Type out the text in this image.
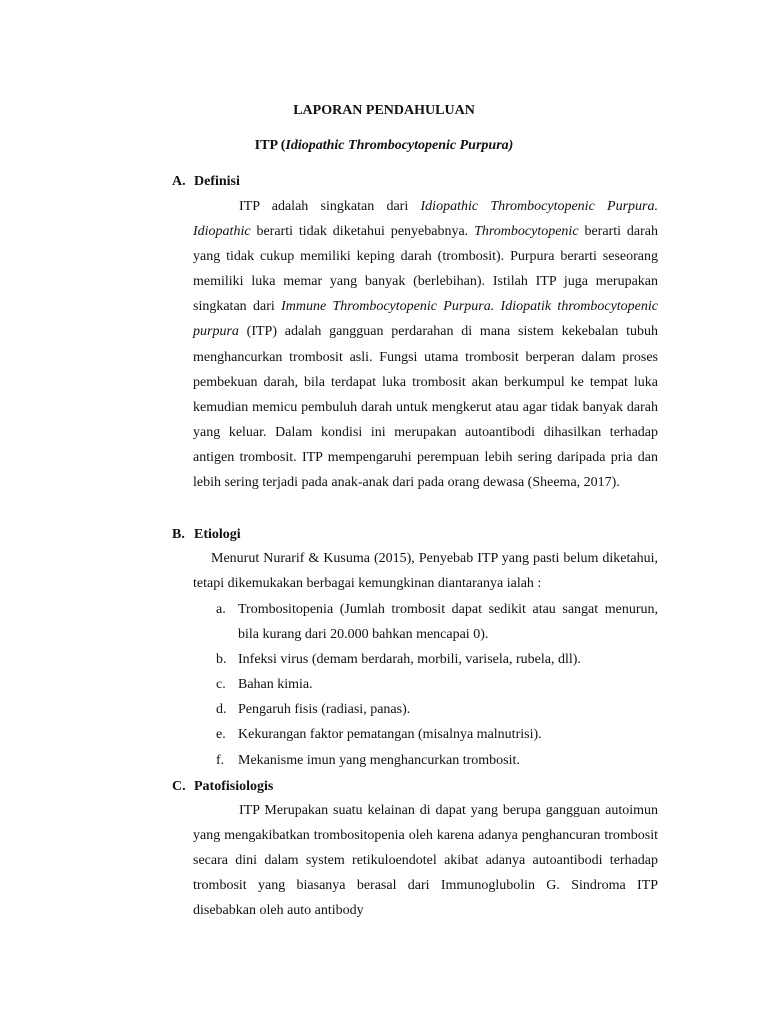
LAPORAN PENDAHULUAN
ITP (Idiopathic Thrombocytopenic Purpura)
A. Definisi

ITP adalah singkatan dari Idiopathic Thrombocytopenic Purpura. Idiopathic berarti tidak diketahui penyebabnya. Thrombocytopenic berarti darah yang tidak cukup memiliki keping darah (trombosit). Purpura berarti seseorang memiliki luka memar yang banyak (berlebihan). Istilah ITP juga merupakan singkatan dari Immune Thrombocytopenic Purpura. Idiopatik thrombocytopenic purpura (ITP) adalah gangguan perdarahan di mana sistem kekebalan tubuh menghancurkan trombosit asli. Fungsi utama trombosit berperan dalam proses pembekuan darah, bila terdapat luka trombosit akan berkumpul ke tempat luka kemudian memicu pembuluh darah untuk mengkerut atau agar tidak banyak darah yang keluar. Dalam kondisi ini merupakan autoantibodi dihasilkan terhadap antigen trombosit. ITP mempengaruhi perempuan lebih sering daripada pria dan lebih sering terjadi pada anak-anak dari pada orang dewasa (Sheema, 2017).

B. Etiologi

Menurut Nurarif & Kusuma (2015), Penyebab ITP yang pasti belum diketahui, tetapi dikemukakan berbagai kemungkinan diantaranya ialah :

a. Trombositopenia (Jumlah trombosit dapat sedikit atau sangat menurun, bila kurang dari 20.000 bahkan mencapai 0).
b. Infeksi virus (demam berdarah, morbili, varisela, rubela, dll).
c. Bahan kimia.
d. Pengaruh fisis (radiasi, panas).
e. Kekurangan faktor pematangan (misalnya malnutrisi).
f. Mekanisme imun yang menghancurkan trombosit.
C. Patofisiologis

ITP Merupakan suatu kelainan di dapat yang berupa gangguan autoimun yang mengakibatkan trombositopenia oleh karena adanya penghancuran trombosit secara dini dalam system retikuloendotel akibat adanya autoantibodi terhadap trombosit yang biasanya berasal dari Immunoglubolin G. Sindroma ITP disebabkan oleh auto antibody
